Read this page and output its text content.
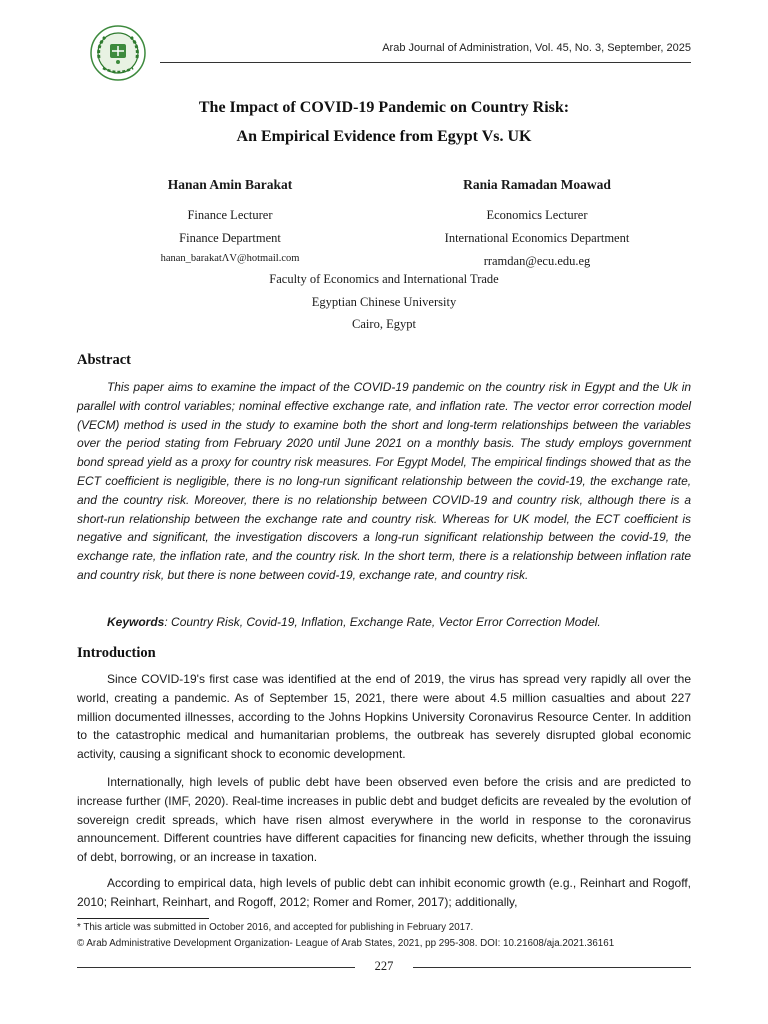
Arab Journal of Administration, Vol. 45, No. 3, September, 2025
The Impact of COVID-19 Pandemic on Country Risk:
An Empirical Evidence from Egypt Vs. UK
Hanan Amin Barakat
Finance Lecturer
Finance Department
hanan_barakatΛV@hotmail.com
Rania Ramadan Moawad
Economics Lecturer
International Economics Department
rramdan@ecu.edu.eg
Faculty of Economics and International Trade
Egyptian Chinese University
Cairo, Egypt
Abstract
This paper aims to examine the impact of the COVID-19 pandemic on the country risk in Egypt and the Uk in parallel with control variables; nominal effective exchange rate, and inflation rate. The vector error correction model (VECM) method is used in the study to examine both the short and long-term relationships between the variables over the period stating from February 2020 until June 2021 on a monthly basis. The study employs government bond spread yield as a proxy for country risk measures. For Egypt Model, The empirical findings showed that as the ECT coefficient is negligible, there is no long-run significant relationship between the covid-19, the exchange rate, and the country risk. Moreover, there is no relationship between COVID-19 and country risk, although there is a short-run relationship between the exchange rate and country risk. Whereas for UK model, the ECT coefficient is negative and significant, the investigation discovers a long-run significant relationship between the covid-19, the exchange rate, the inflation rate, and the country risk. In the short term, there is a relationship between inflation rate and country risk, but there is none between covid-19, exchange rate, and country risk.
Keywords: Country Risk, Covid-19, Inflation, Exchange Rate, Vector Error Correction Model.
Introduction
Since COVID-19's first case was identified at the end of 2019, the virus has spread very rapidly all over the world, creating a pandemic. As of September 15, 2021, there were about 4.5 million casualties and about 227 million documented illnesses, according to the Johns Hopkins University Coronavirus Resource Center. In addition to the catastrophic medical and humanitarian problems, the outbreak has severely disrupted global economic activity, causing a significant shock to economic development.
Internationally, high levels of public debt have been observed even before the crisis and are predicted to increase further (IMF, 2020). Real-time increases in public debt and budget deficits are revealed by the evolution of sovereign credit spreads, which have risen almost everywhere in the world in response to the coronavirus announcement. Different countries have different capacities for financing new deficits, whether through the issuing of debt, borrowing, or an increase in taxation.
According to empirical data, high levels of public debt can inhibit economic growth (e.g., Reinhart and Rogoff, 2010; Reinhart, Reinhart, and Rogoff, 2012; Romer and Romer, 2017); additionally,
* This article was submitted in October 2016, and accepted for publishing in February 2017.
© Arab Administrative Development Organization- League of Arab States, 2021, pp 295-308. DOI: 10.21608/aja.2021.36161
227
